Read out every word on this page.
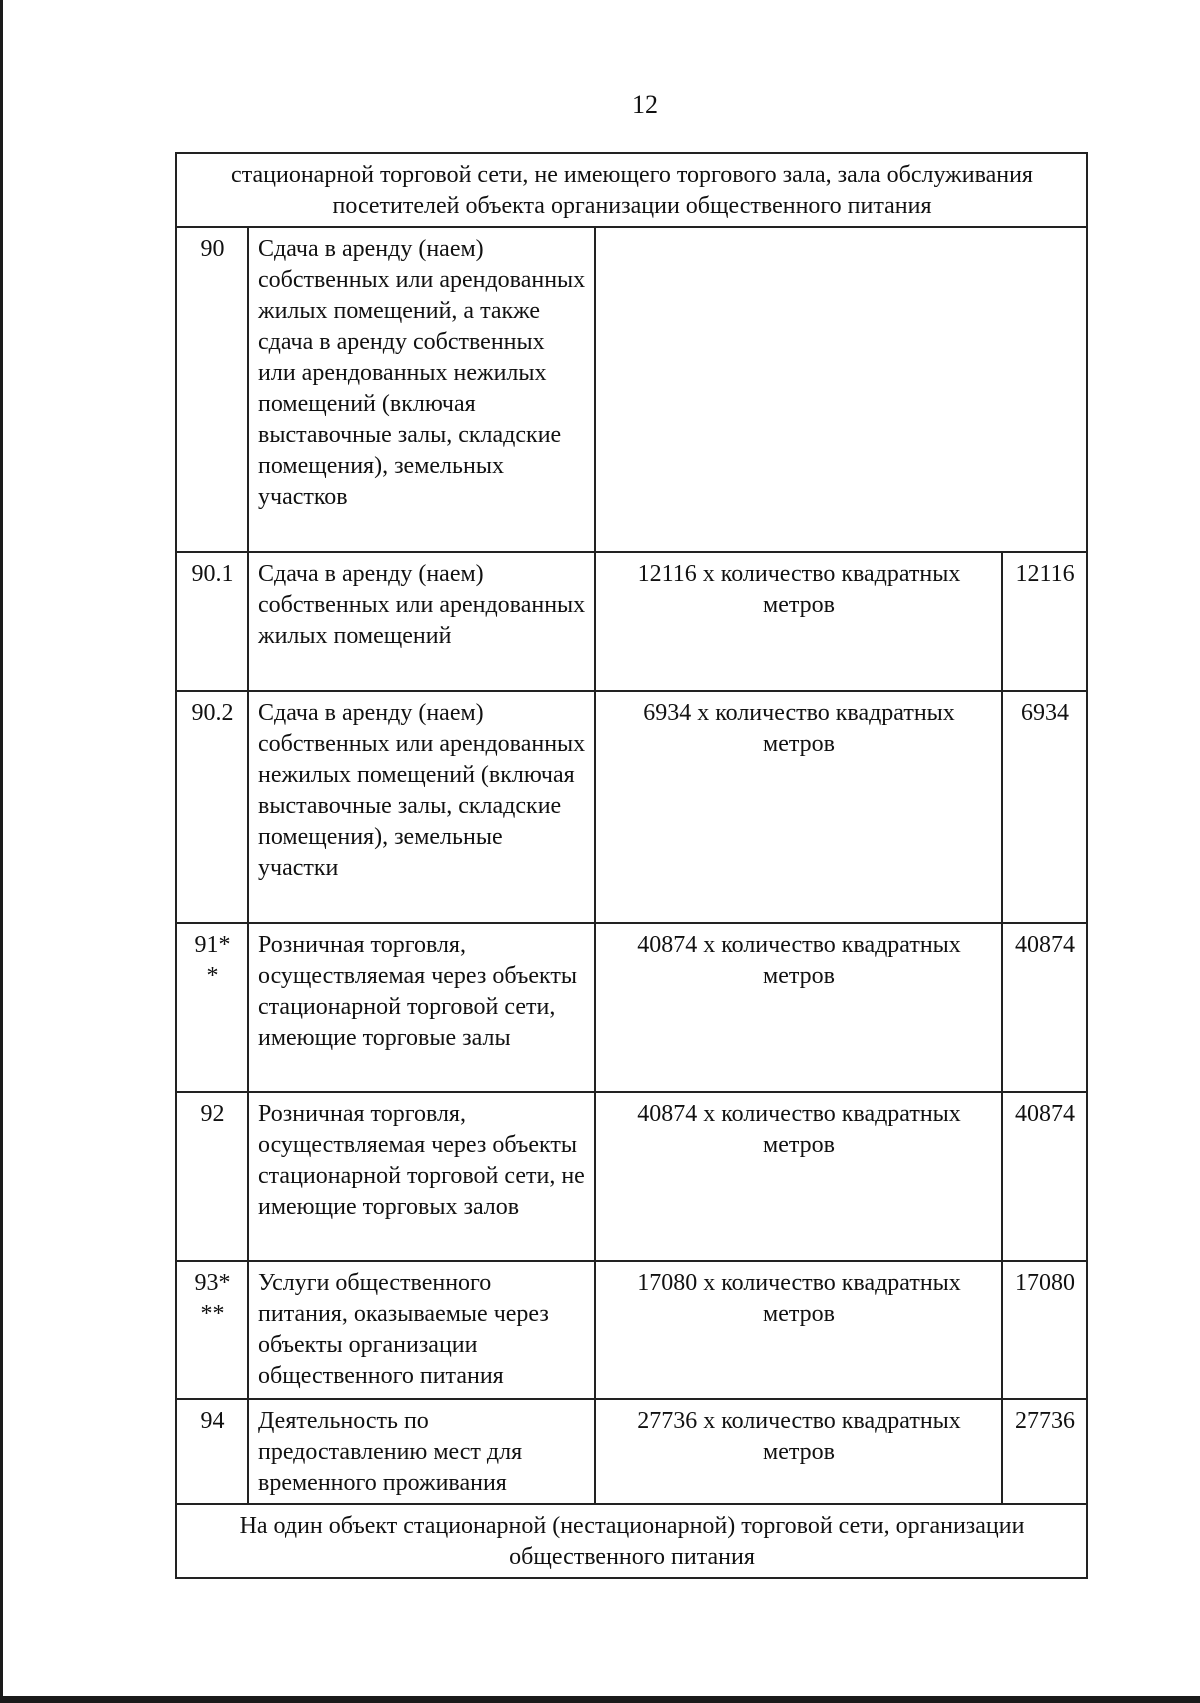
12
стационарной торговой сети, не имеющего торгового зала, зала обслуживания посетителей объекта организации общественного питания			
90	Сдача в аренду (наем) собственных или арендованных жилых помещений, а также сдача в аренду собственных или арендованных нежилых помещений (включая выставочные залы, складские помещения), земельных участков		
90.1	Сдача в аренду (наем) собственных или арендованных жилых помещений	12116 х количество квадратных метров	12116
90.2	Сдача в аренду (наем) собственных или арендованных нежилых помещений (включая выставочные залы, складские помещения), земельные участки	6934 х количество квадратных метров	6934
91* *	Розничная торговля, осуществляемая через объекты стационарной торговой сети, имеющие торговые залы	40874 х количество квадратных метров	40874
92	Розничная торговля, осуществляемая через объекты стационарной торговой сети, не имеющие торговых залов	40874 х количество квадратных метров	40874
93* **	Услуги общественного питания, оказываемые через объекты организации общественного питания	17080 х количество квадратных метров	17080
94	Деятельность по предоставлению мест для временного проживания	27736 х количество квадратных метров	27736
На один объект стационарной (нестационарной) торговой сети, организации общественного питания			
